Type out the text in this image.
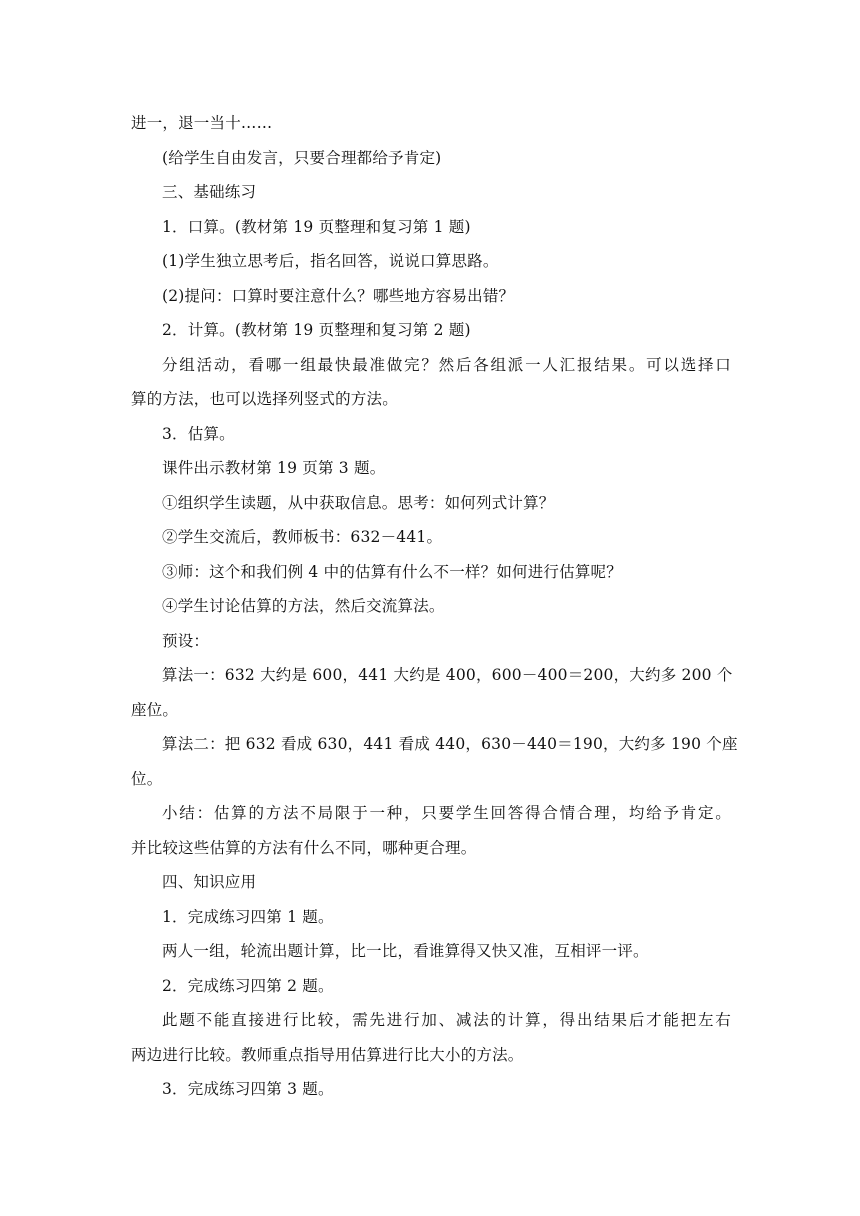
进一，退一当十……
(给学生自由发言，只要合理都给予肯定)
三、基础练习
1．口算。(教材第 19 页整理和复习第 1 题)
(1)学生独立思考后，指名回答，说说口算思路。
(2)提问：口算时要注意什么？哪些地方容易出错？
2．计算。(教材第 19 页整理和复习第 2 题)
分组活动，看哪一组最快最准做完？然后各组派一人汇报结果。可以选择口
算的方法，也可以选择列竖式的方法。
3．估算。
课件出示教材第 19 页第 3 题。
①组织学生读题，从中获取信息。思考：如何列式计算？
②学生交流后，教师板书：632－441。
③师：这个和我们例 4 中的估算有什么不一样？如何进行估算呢？
④学生讨论估算的方法，然后交流算法。
预设：
算法一：632 大约是 600，441 大约是 400，600－400＝200，大约多 200 个
座位。
算法二：把 632 看成 630，441 看成 440，630－440＝190，大约多 190 个座
位。
小结：估算的方法不局限于一种，只要学生回答得合情合理，均给予肯定。
并比较这些估算的方法有什么不同，哪种更合理。
四、知识应用
1．完成练习四第 1 题。
两人一组，轮流出题计算，比一比，看谁算得又快又准，互相评一评。
2．完成练习四第 2 题。
此题不能直接进行比较，需先进行加、减法的计算，得出结果后才能把左右
两边进行比较。教师重点指导用估算进行比大小的方法。
3．完成练习四第 3 题。
